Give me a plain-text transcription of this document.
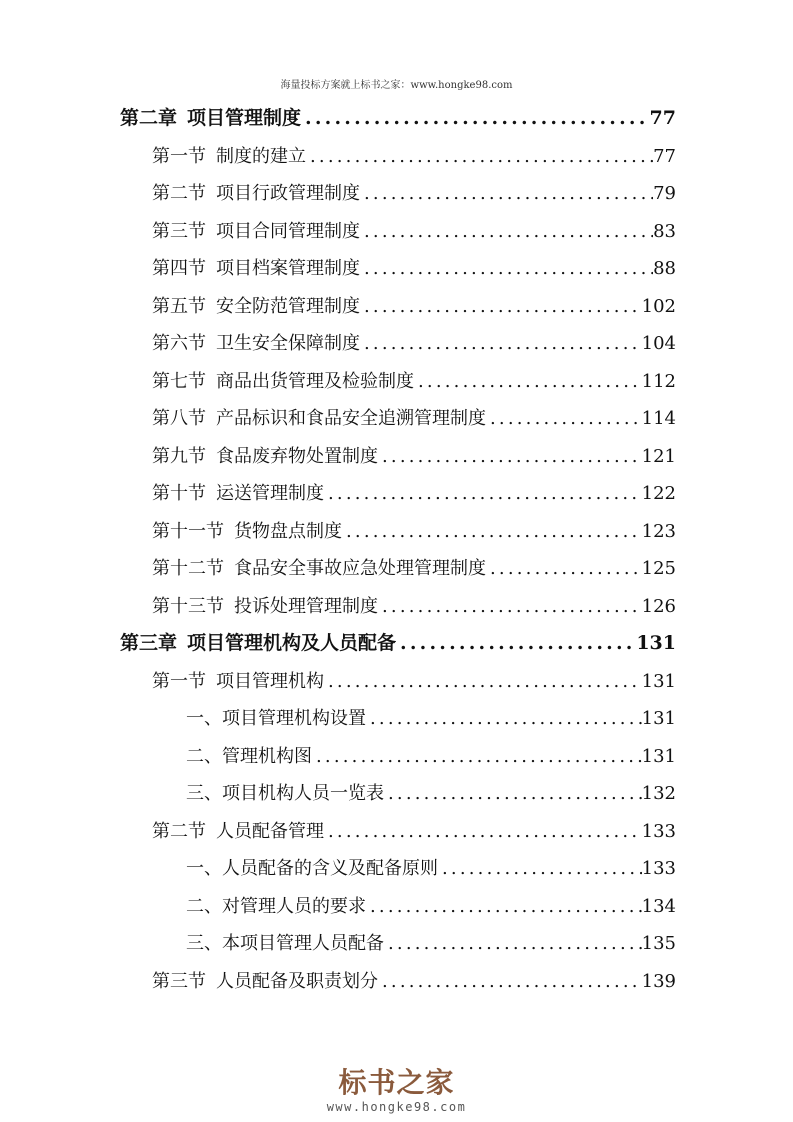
海量投标方案就上标书之家：www.hongke98.com
第二章 项目管理制度 .....	77
第一节 制度的建立 .....	77
第二节 项目行政管理制度 .....	79
第三节 项目合同管理制度 .....	83
第四节 项目档案管理制度 .....	88
第五节 安全防范管理制度 .....	102
第六节 卫生安全保障制度 .....	104
第七节 商品出货管理及检验制度 .....	112
第八节 产品标识和食品安全追溯管理制度 .....	114
第九节 食品废弃物处置制度 .....	121
第十节 运送管理制度 .....	122
第十一节 货物盘点制度 .....	123
第十二节 食品安全事故应急处理管理制度 .....	125
第十三节 投诉处理管理制度 .....	126
第三章 项目管理机构及人员配备 .....	131
第一节 项目管理机构 .....	131
一、项目管理机构设置 .....	131
二、管理机构图 .....	131
三、项目机构人员一览表 .....	132
第二节 人员配备管理 .....	133
一、人员配备的含义及配备原则 .....	133
二、对管理人员的要求 .....	134
三、本项目管理人员配备 .....	135
第三节 人员配备及职责划分 .....	139
标书之家
www.hongke98.com
